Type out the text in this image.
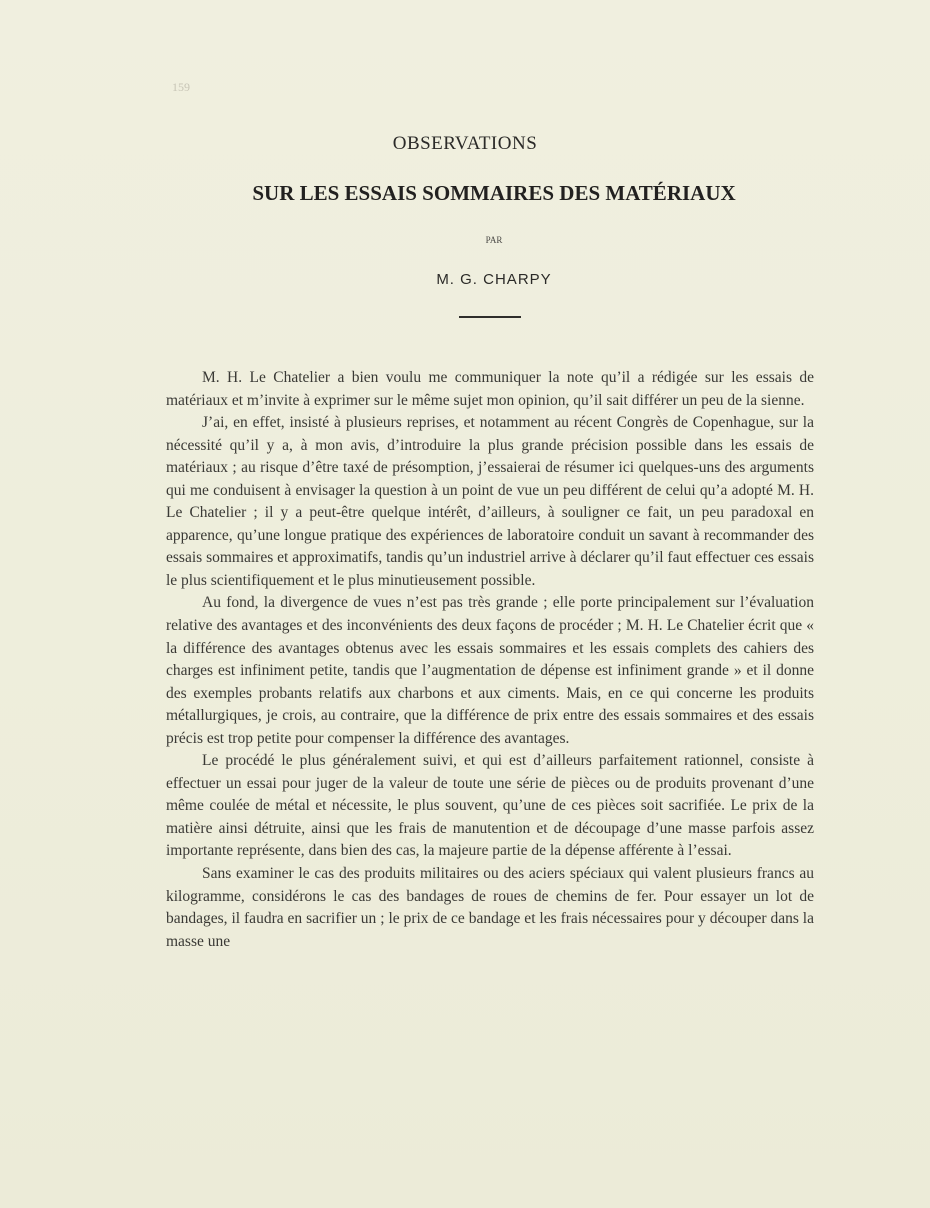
159
OBSERVATIONS
SUR LES ESSAIS SOMMAIRES DES MATÉRIAUX
PAR
M. G. CHARPY

M. H. Le Chatelier a bien voulu me communiquer la note qu’il a rédigée sur les essais de matériaux et m’invite à exprimer sur le même sujet mon opinion, qu’il sait différer un peu de la sienne.

J’ai, en effet, insisté à plusieurs reprises, et notamment au récent Congrès de Copenhague, sur la nécessité qu’il y a, à mon avis, d’introduire la plus grande précision possible dans les essais de matériaux ; au risque d’être taxé de présomption, j’essaierai de résumer ici quelques-uns des arguments qui me conduisent à envisager la question à un point de vue un peu différent de celui qu’a adopté M. H. Le Chatelier ; il y a peut-être quelque intérêt, d’ailleurs, à souligner ce fait, un peu paradoxal en apparence, qu’une longue pratique des expériences de laboratoire conduit un savant à recommander des essais sommaires et approximatifs, tandis qu’un industriel arrive à déclarer qu’il faut effectuer ces essais le plus scientifiquement et le plus minutieusement possible.

Au fond, la divergence de vues n’est pas très grande ; elle porte principalement sur l’évaluation relative des avantages et des inconvénients des deux façons de procéder ; M. H. Le Chatelier écrit que « la différence des avantages obtenus avec les essais sommaires et les essais complets des cahiers des charges est infiniment petite, tandis que l’augmentation de dépense est infiniment grande » et il donne des exemples probants relatifs aux charbons et aux ciments. Mais, en ce qui concerne les produits métallurgiques, je crois, au contraire, que la différence de prix entre des essais sommaires et des essais précis est trop petite pour compenser la différence des avantages.

Le procédé le plus généralement suivi, et qui est d’ailleurs parfaitement rationnel, consiste à effectuer un essai pour juger de la valeur de toute une série de pièces ou de produits provenant d’une même coulée de métal et nécessite, le plus souvent, qu’une de ces pièces soit sacrifiée. Le prix de la matière ainsi détruite, ainsi que les frais de manutention et de découpage d’une masse parfois assez importante représente, dans bien des cas, la majeure partie de la dépense afférente à l’essai.

Sans examiner le cas des produits militaires ou des aciers spéciaux qui valent plusieurs francs au kilogramme, considérons le cas des bandages de roues de chemins de fer. Pour essayer un lot de bandages, il faudra en sacrifier un ; le prix de ce bandage et les frais nécessaires pour y découper dans la masse une
